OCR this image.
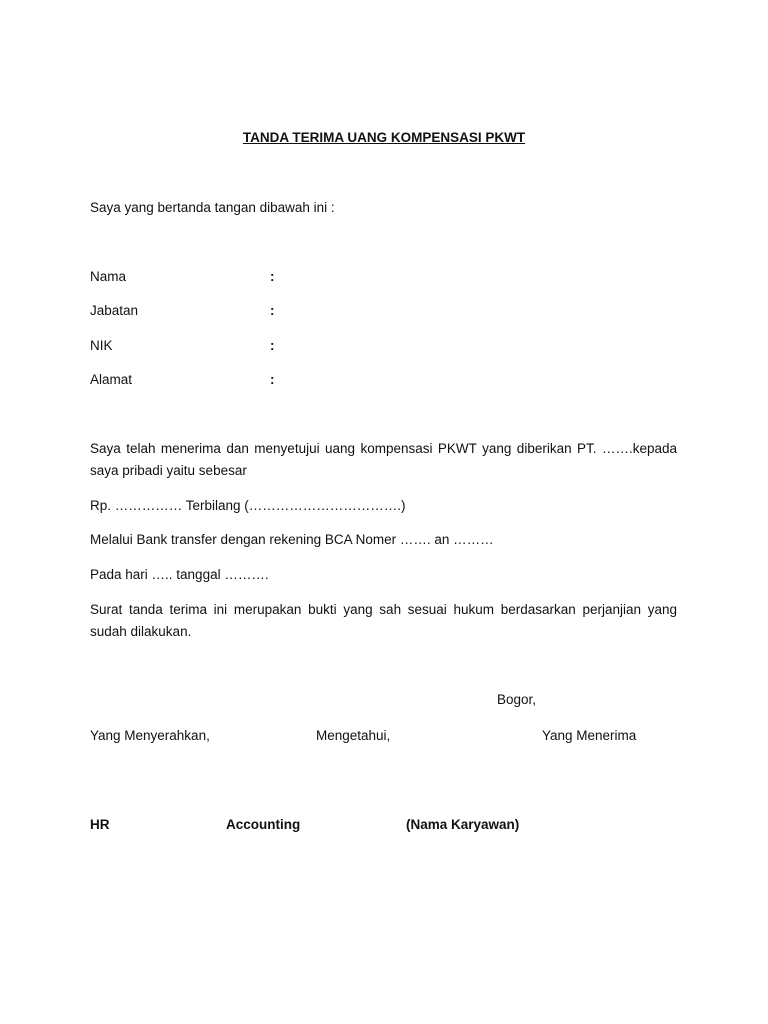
TANDA TERIMA UANG KOMPENSASI PKWT
Saya yang bertanda tangan dibawah ini :
Nama	:
Jabatan	:
NIK	:
Alamat	:
Saya telah menerima dan menyetujui uang kompensasi PKWT yang diberikan PT. …….kepada saya pribadi yaitu sebesar
Rp. …………… Terbilang (…………………………….)
Melalui Bank transfer dengan rekening BCA Nomer ……. an ………
Pada hari ….. tanggal ……….
Surat tanda terima ini merupakan bukti yang sah sesuai hukum berdasarkan perjanjian yang sudah dilakukan.
Bogor,
Yang Menyerahkan,	Mengetahui,	Yang Menerima
HR	Accounting	(Nama Karyawan)
